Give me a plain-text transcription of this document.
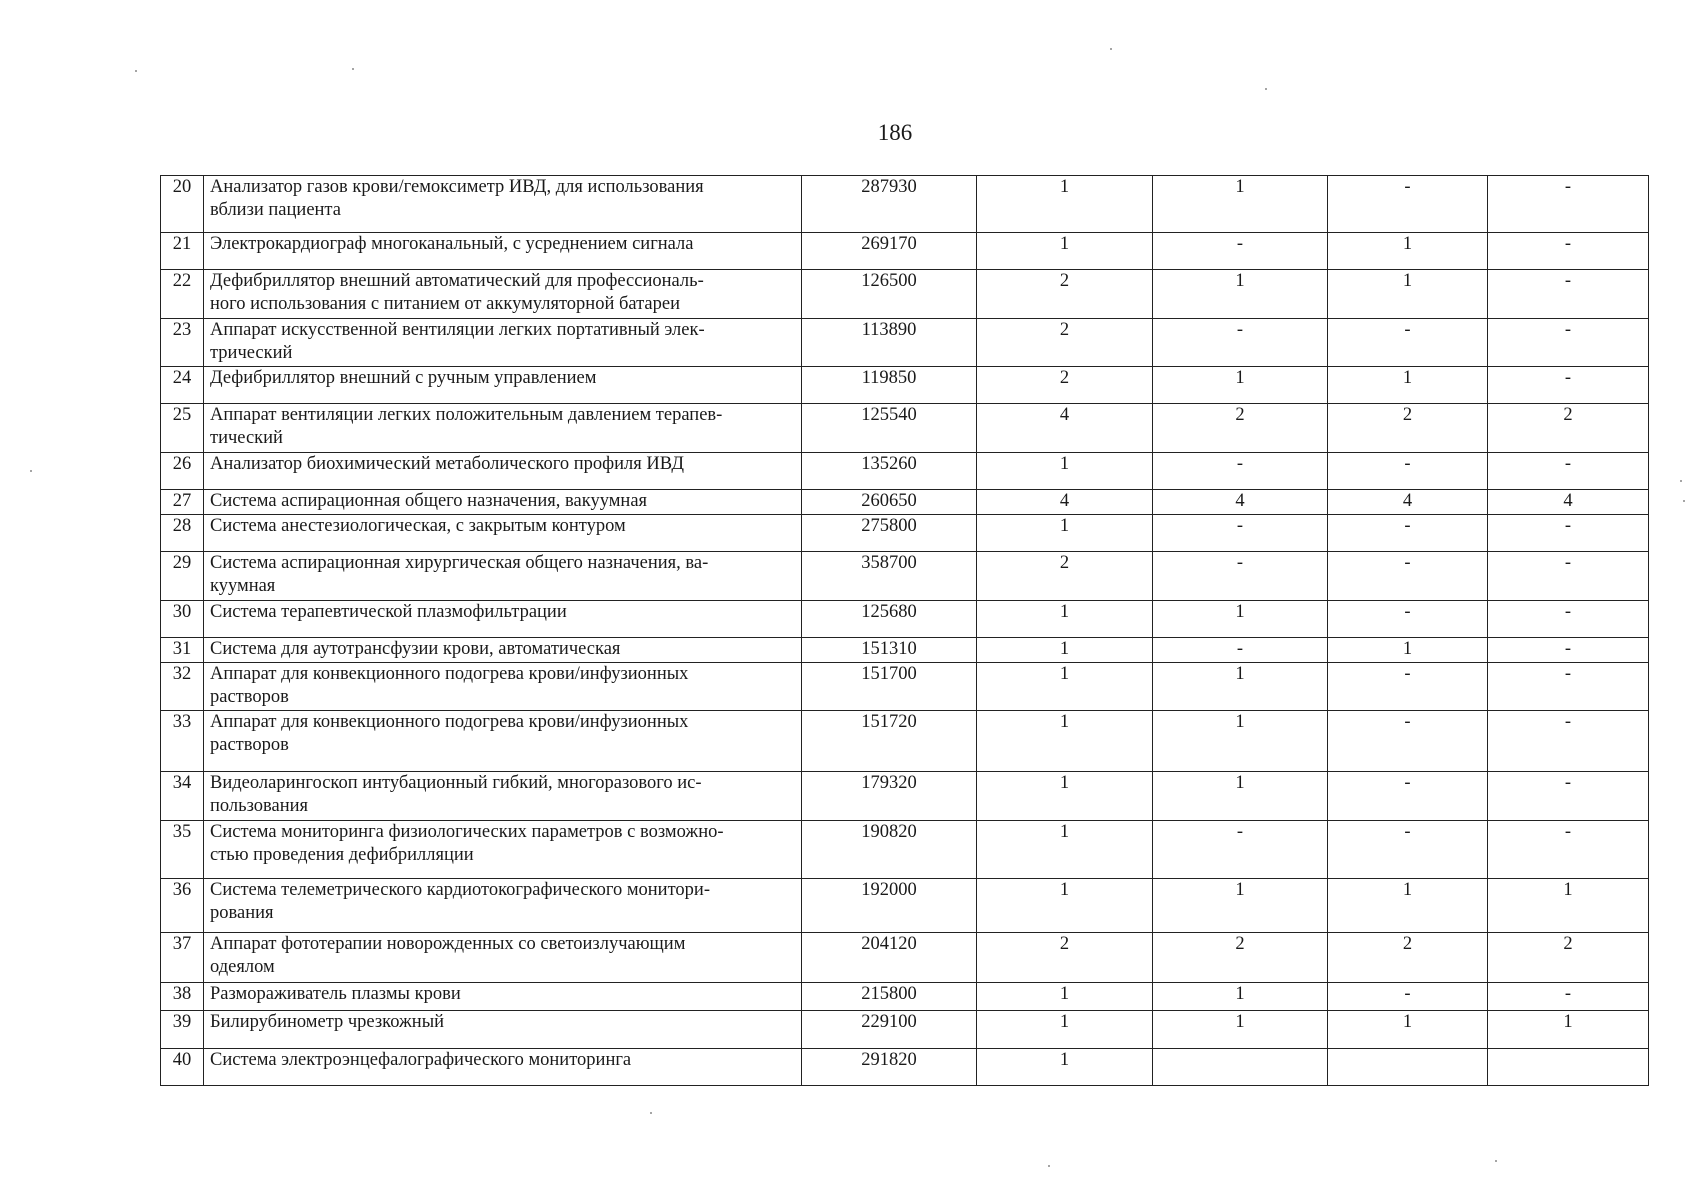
186
20	Анализатор газов крови/гемоксиметр ИВД, для использования
вблизи пациента	287930	1	1	-	-
21	Электрокардиограф многоканальный, с усреднением сигнала	269170	1	-	1	-
22	Дефибриллятор внешний автоматический для профессиональ-
ного использования с питанием от аккумуляторной батареи	126500	2	1	1	-
23	Аппарат искусственной вентиляции легких портативный элек-
трический	113890	2	-	-	-
24	Дефибриллятор внешний с ручным управлением	119850	2	1	1	-
25	Аппарат вентиляции легких положительным давлением терапев-
тический	125540	4	2	2	2
26	Анализатор биохимический метаболического профиля ИВД	135260	1	-	-	-
27	Система аспирационная общего назначения, вакуумная	260650	4	4	4	4
28	Система анестезиологическая, с закрытым контуром	275800	1	-	-	-
29	Система аспирационная хирургическая общего назначения, ва-
куумная	358700	2	-	-	-
30	Система терапевтической плазмофильтрации	125680	1	1	-	-
31	Система для аутотрансфузии крови, автоматическая	151310	1	-	1	-
32	Аппарат для конвекционного подогрева крови/инфузионных
растворов	151700	1	1	-	-
33	Аппарат для конвекционного подогрева крови/инфузионных
растворов	151720	1	1	-	-
34	Видеоларингоскоп интубационный гибкий, многоразового ис-
пользования	179320	1	1	-	-
35	Система мониторинга физиологических параметров с возможно-
стью проведения дефибрилляции	190820	1	-	-	-
36	Система телеметрического кардиотокографического монитори-
рования	192000	1	1	1	1
37	Аппарат фототерапии новорожденных со светоизлучающим
одеялом	204120	2	2	2	2
38	Размораживатель плазмы крови	215800	1	1	-	-
39	Билирубинометр чрезкожный	229100	1	1	1	1
40	Система электроэнцефалографического мониторинга	291820	1			
